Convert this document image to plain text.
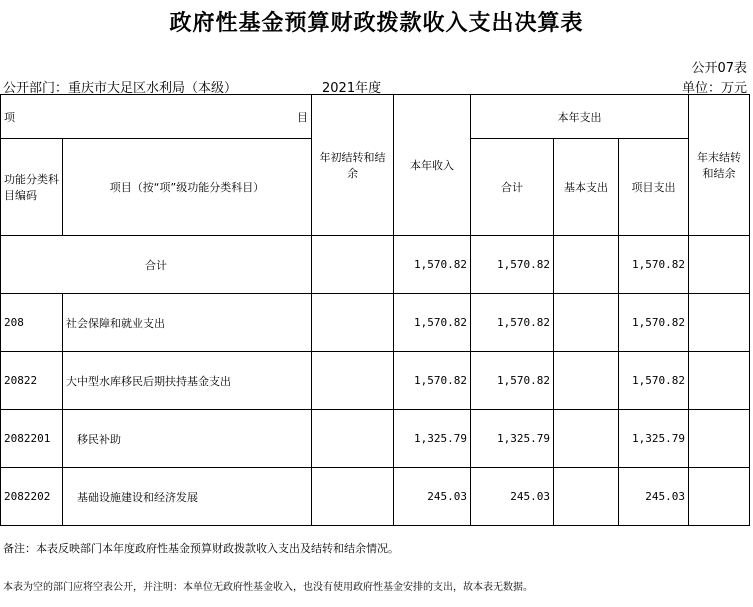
政府性基金预算财政拨款收入支出决算表
公开07表
公开部门：重庆市大足区水利局（本级）	2021年度	单位：万元
项 目		年初结转和结余	本年收入	本年支出			年末结转和结余
功能分类科目编码	项目（按“项”级功能分类科目）			合计	基本支出	项目支出	
合计			1,570.82	1,570.82		1,570.82	
208	社会保障和就业支出		1,570.82	1,570.82		1,570.82	
20822	大中型水库移民后期扶持基金支出		1,570.82	1,570.82		1,570.82	
2082201	移民补助		1,325.79	1,325.79		1,325.79	
2082202	基础设施建设和经济发展		245.03	245.03		245.03	
备注：本表反映部门本年度政府性基金预算财政拨款收入支出及结转和结余情况。
本表为空的部门应将空表公开，并注明：本单位无政府性基金收入，也没有使用政府性基金安排的支出，故本表无数据。
